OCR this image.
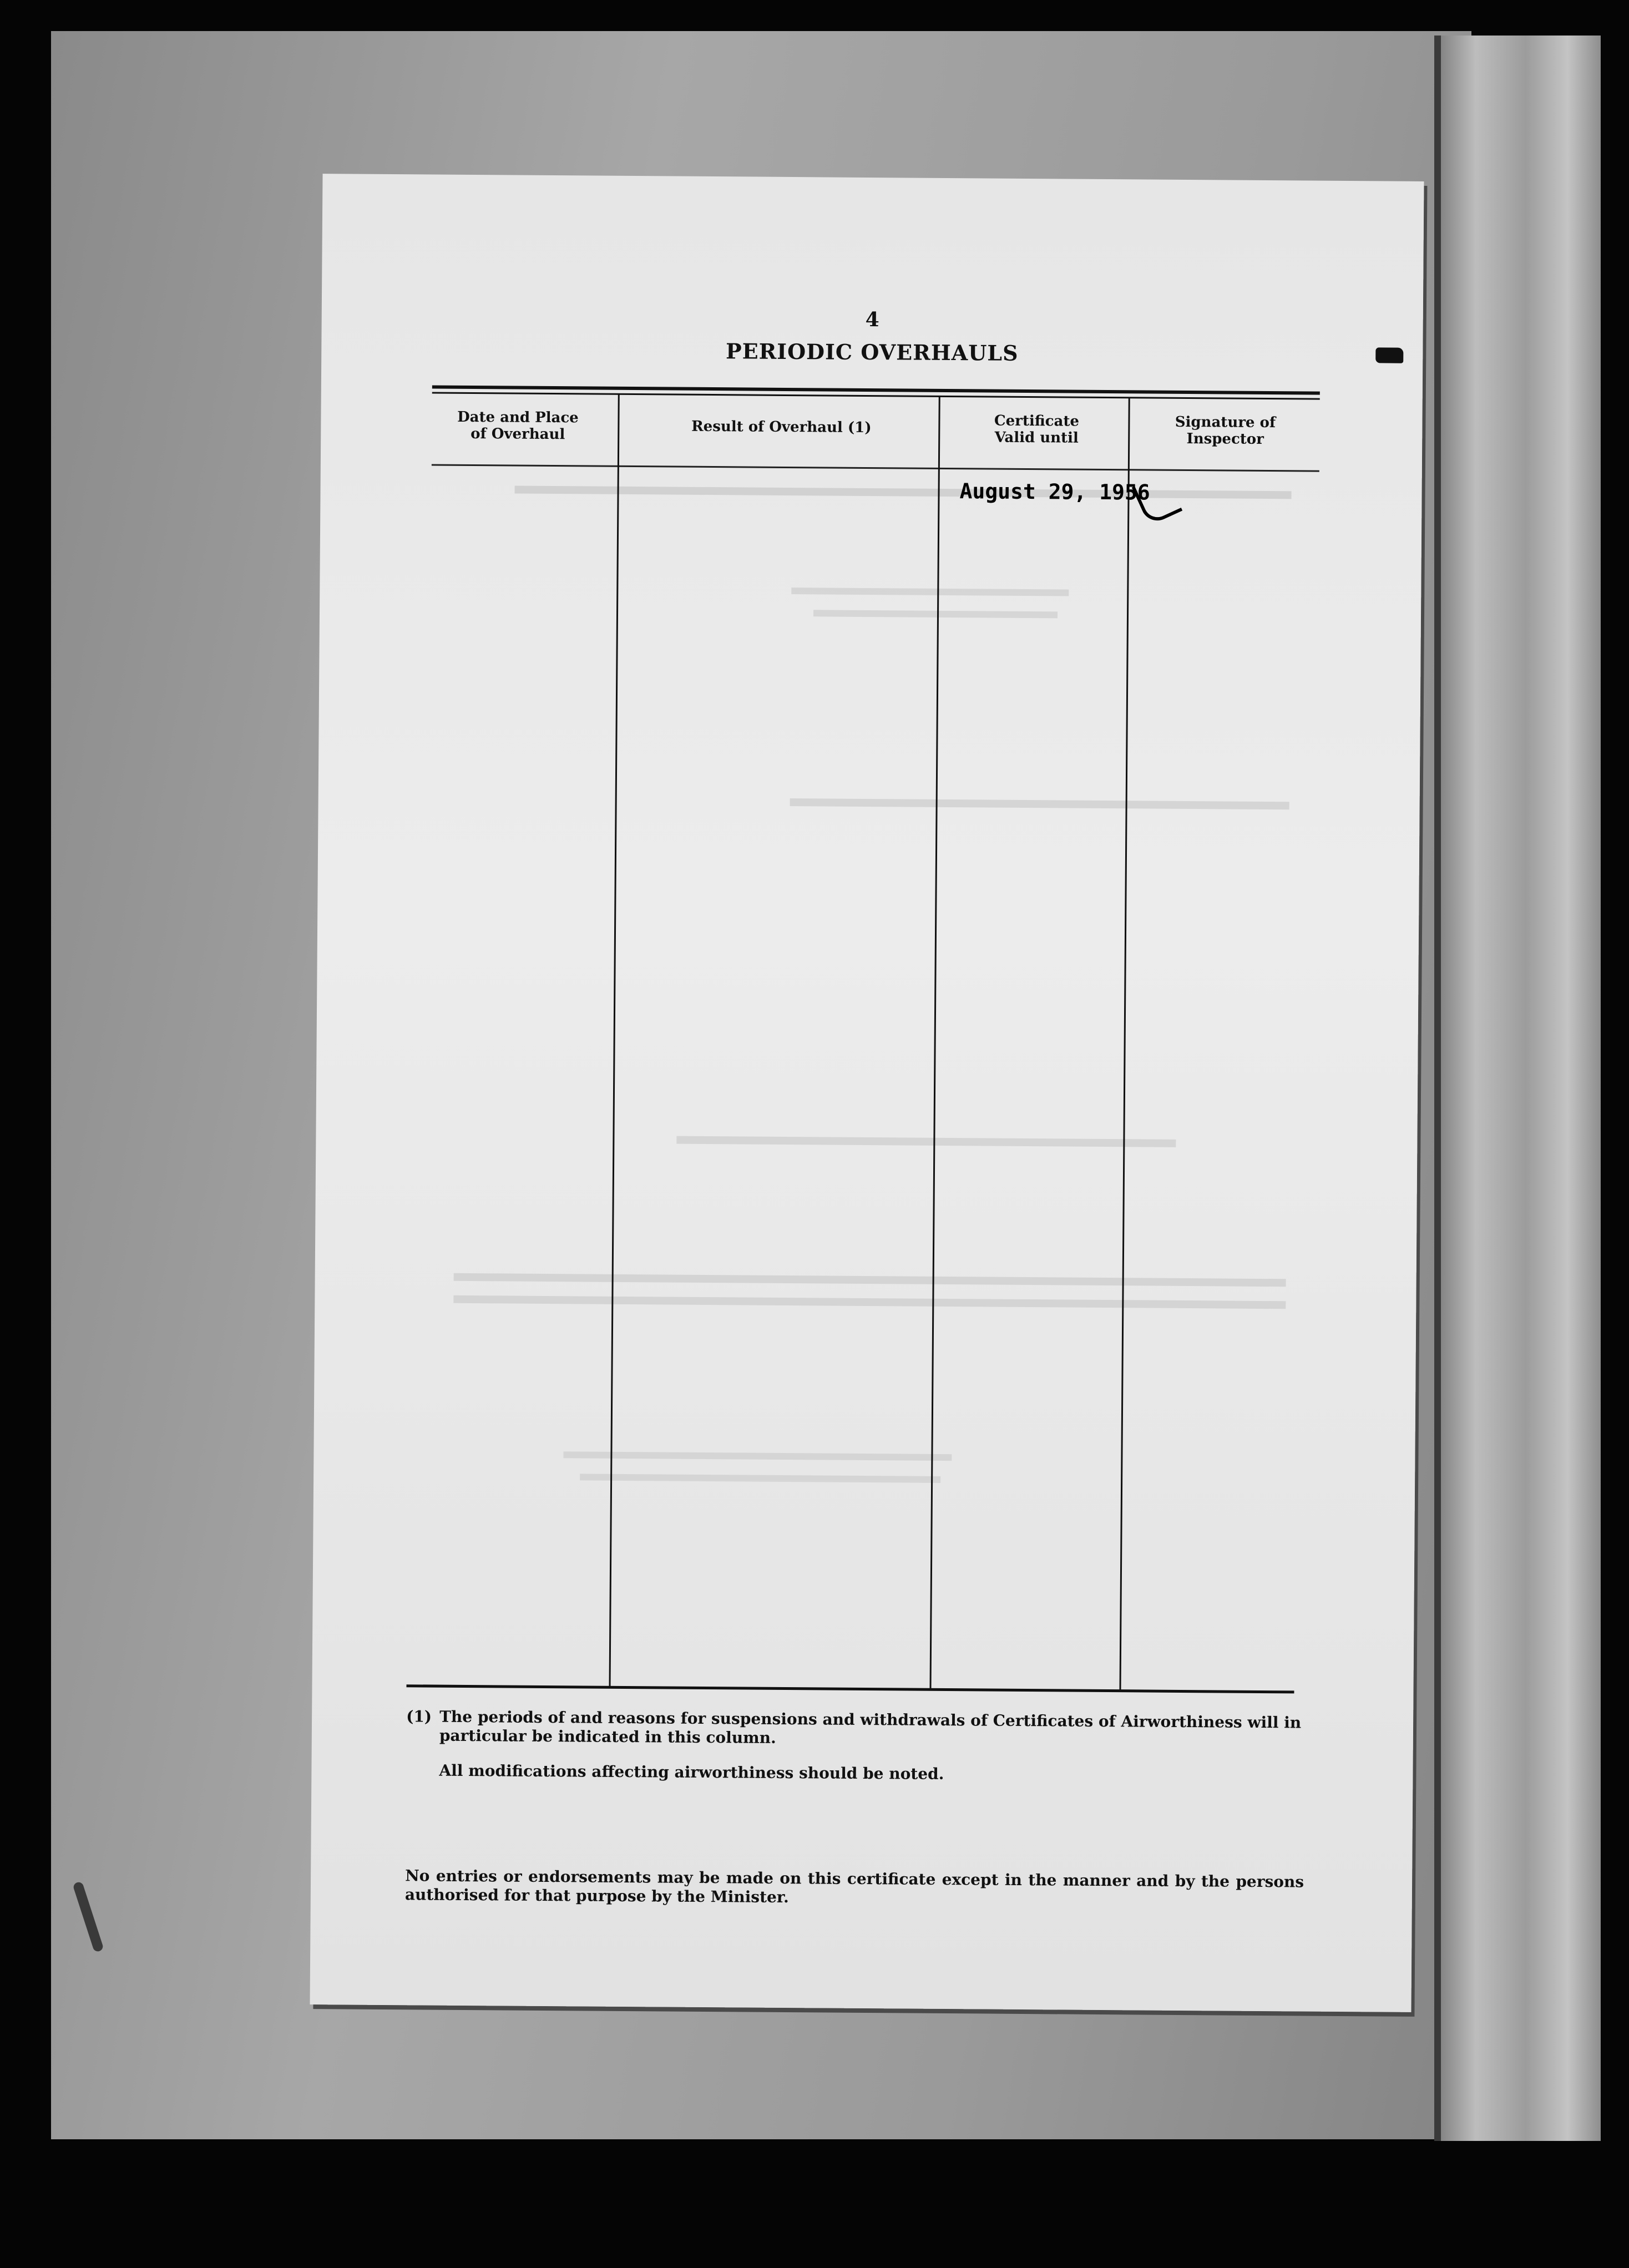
4
PERIODIC OVERHAULS
Date and Place of Overhaul	Result of Overhaul (1)	Certificate Valid until
Signature of Inspector
August 29, 1956
(1) The periods of and reasons for suspensions and withdrawals of Certificates of Airworthiness will in particular be indicated in this column.
All modifications affecting airworthiness should be noted.
No entries or endorsements may be made on this certificate except in the manner and by the persons authorised for that purpose by the Minister.
